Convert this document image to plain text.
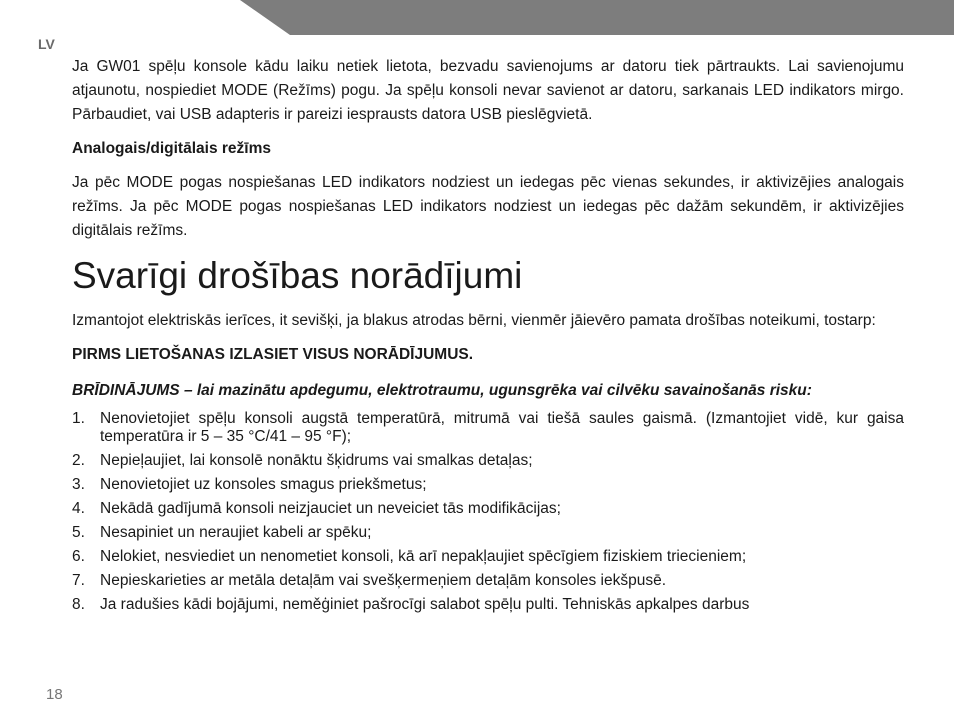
LV

Ja GW01 spēļu konsole kādu laiku netiek lietota, bezvadu savienojums ar datoru tiek pārtraukts. Lai savienojumu atjaunotu, nospiediet MODE (Režīms) pogu. Ja spēļu konsoli nevar savienot ar datoru, sarkanais LED indikators mirgo. Pārbaudiet, vai USB adapteris ir pareizi iesprausts datora USB pieslēgvietā.

Analogais/digitālais režīms

Ja pēc MODE pogas nospiešanas LED indikators nodziest un iedegas pēc vienas sekundes, ir aktivizējies analogais režīms. Ja pēc MODE pogas nospiešanas LED indikators nodziest un iedegas pēc dažām sekundēm, ir aktivizējies digitālais režīms.

Svarīgi drošības norādījumi

Izmantojot elektriskās ierīces, it sevišķi, ja blakus atrodas bērni, vienmēr jāievēro pamata drošības noteikumi, tostarp:

PIRMS LIETOŠANAS IZLASIET VISUS NORĀDĪJUMUS.

BRĪDINĀJUMS – lai mazinātu apdegumu, elektrotraumu, ugunsgrēka vai cilvēku savainošanās risku:

1. Nenovietojiet spēļu konsoli augstā temperatūrā, mitrumā vai tiešā saules gaismā. (Izmantojiet vidē, kur gaisa temperatūra ir 5 – 35 °C/41 – 95 °F);
2. Nepieļaujiet, lai konsolē nonāktu šķidrums vai smalkas detaļas;
3. Nenovietojiet uz konsoles smagus priekšmetus;
4. Nekādā gadījumā konsoli neizjauciet un neveiciet tās modifikācijas;
5. Nesapiniet un neraujiet kabeli ar spēku;
6. Nelokiet, nesviediet un nenometiet konsoli, kā arī nepakļaujiet spēcīgiem fiziskiem triecieniem;
7. Nepieskarieties ar metāla detaļām vai svešķermeņiem detaļām konsoles iekšpusē.
8. Ja radušies kādi bojājumi, neměģiniet pašrocīgi salabot spēļu pulti. Tehniskās apkalpes darbus
18
